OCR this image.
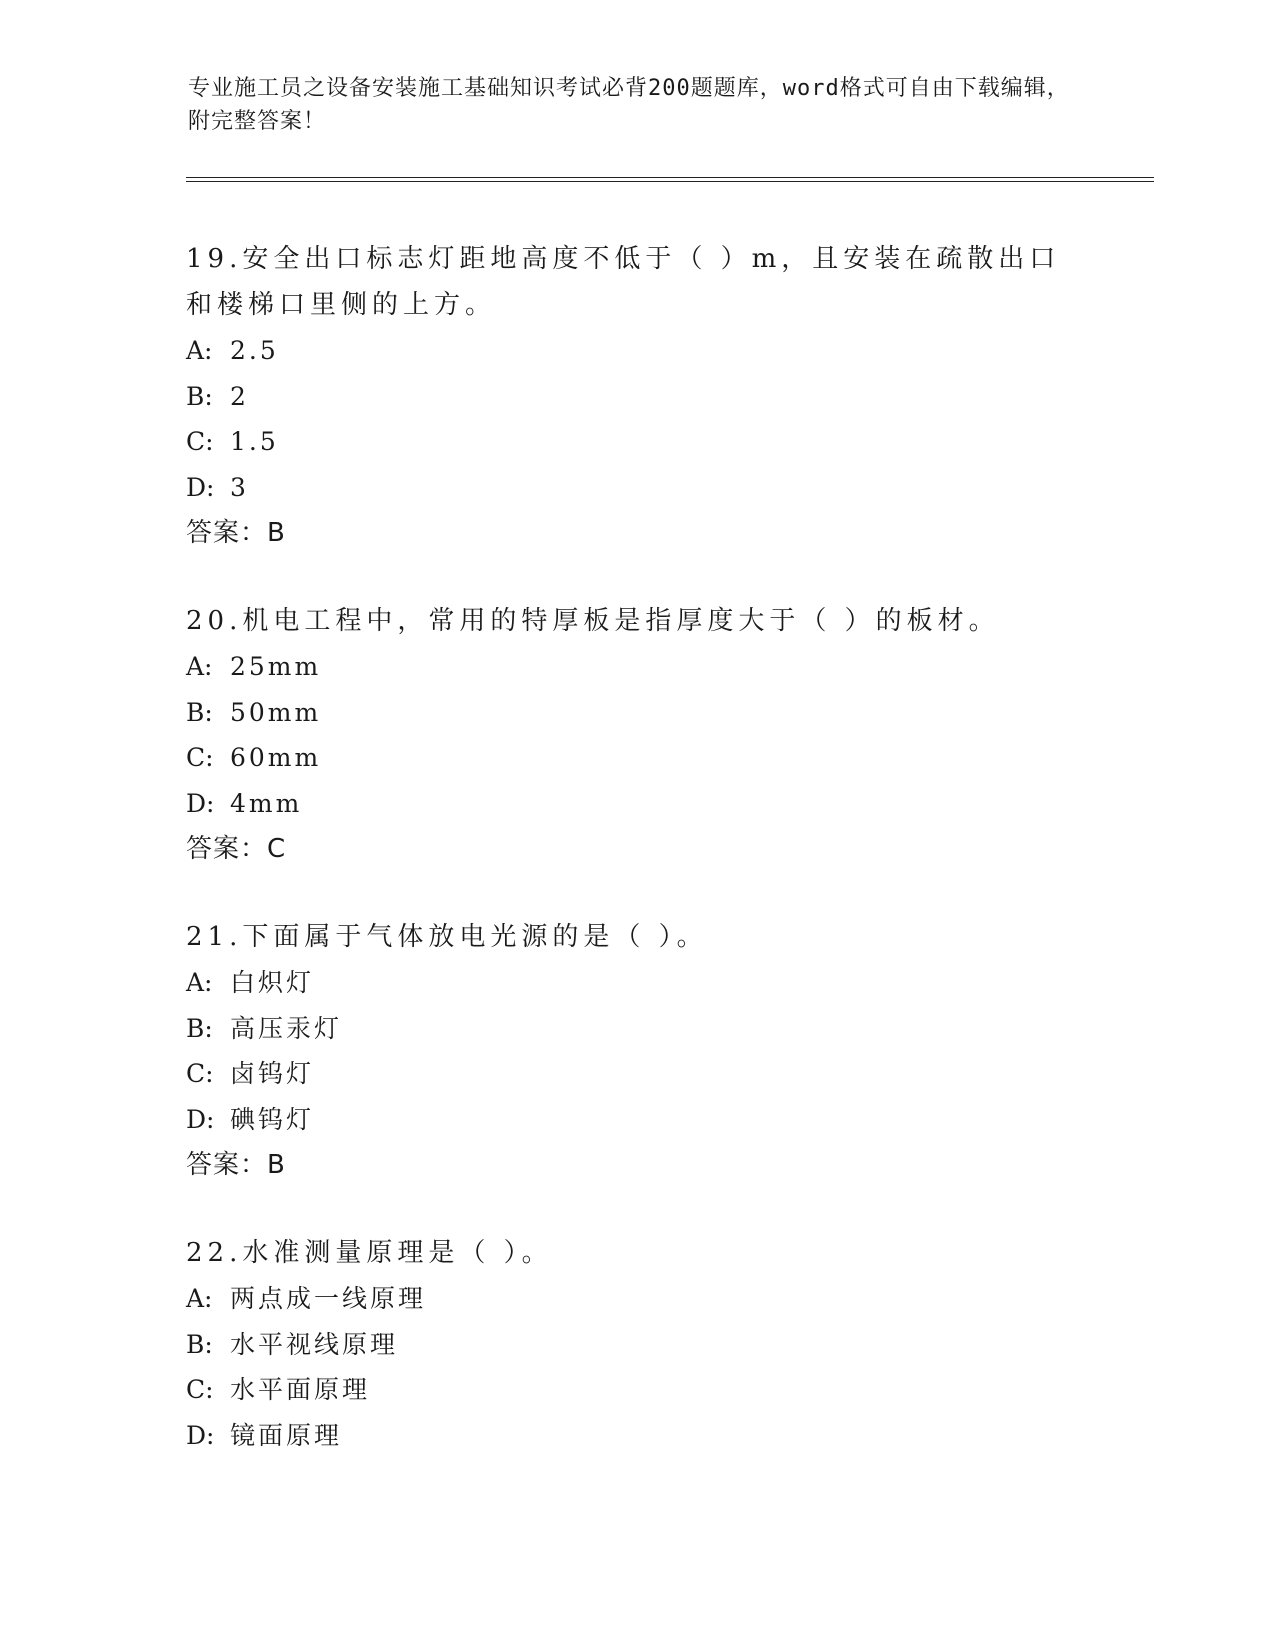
专业施工员之设备安装施工基础知识考试必背200题题库，word格式可自由下载编辑，附完整答案！
19.安全出口标志灯距地高度不低于（ ）m，且安装在疏散出口和楼梯口里侧的上方。
A: 2.5
B: 2
C: 1.5
D: 3
答案：B
20.机电工程中，常用的特厚板是指厚度大于（ ）的板材。
A: 25mm
B: 50mm
C: 60mm
D: 4mm
答案：C
21.下面属于气体放电光源的是（ ）。
A: 白炽灯
B: 高压汞灯
C: 卤钨灯
D: 碘钨灯
答案：B
22.水准测量原理是（ ）。
A: 两点成一线原理
B: 水平视线原理
C: 水平面原理
D: 镜面原理
